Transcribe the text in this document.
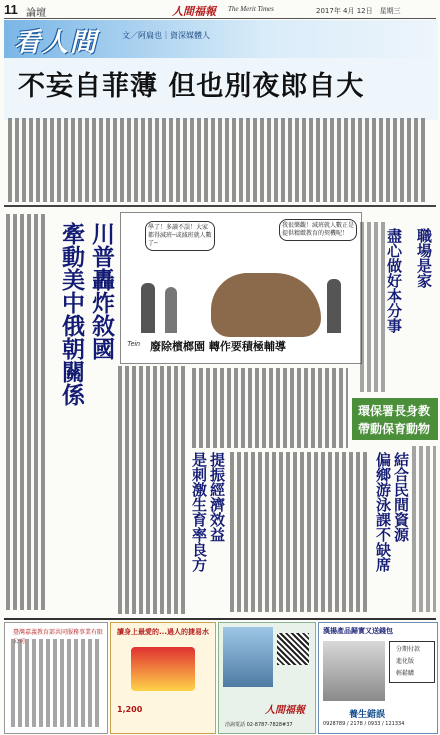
11 論壇	人間福報 The Merit Times	2017年 4月 12日　星期三
看人間	文／阿扁也｜資深媒體人
不妄自菲薄 但也別夜郎自大
川普轟炸敘國
牽動美中俄朝關係	學了！多讀不誤！大家都得減班─或減班就人數了─
我很樂觀！減班就人數正是提供精緻教育的契機呢！
Tein 廢除檳榔園 轉作要積極輔導
職場是家
盡心做好本分事
環保署長身教
帶動保育動物
提振經濟效益
是刺激生育率良方	結合民間資源
偏鄉游泳課不缺席
臺灣嘉義教育部共同服務事業有限公司
讀身上最愛的...過人的捷易水
1,200	人間福報
洽詢電話 02-8787-7828#37
漢揚產品歸實又送錢包
分期付款
進化版
輕鬆購
養生錯誤
0928789 / 2178 / 0933 / 121334
